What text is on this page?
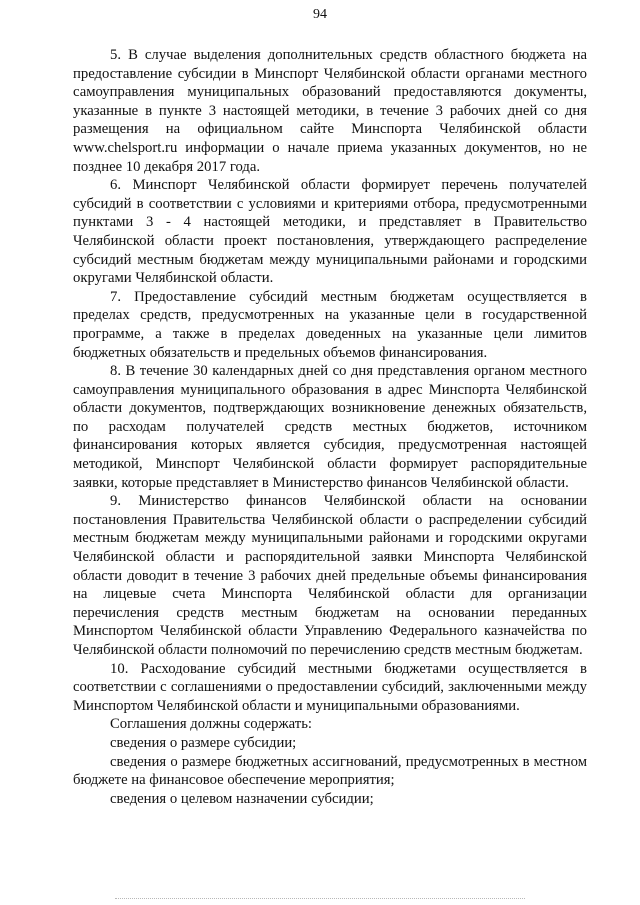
94

5. В случае выделения дополнительных средств областного бюджета на предоставление субсидии в Минспорт Челябинской области органами местного самоуправления муниципальных образований предоставляются документы, указанные в пункте 3 настоящей методики, в течение 3 рабочих дней со дня размещения на официальном сайте Минспорта Челябинской области www.chelsport.ru информации о начале приема указанных документов, но не позднее 10 декабря 2017 года.

6. Минспорт Челябинской области формирует перечень получателей субсидий в соответствии с условиями и критериями отбора, предусмотренными пунктами 3 - 4 настоящей методики, и представляет в Правительство Челябинской области проект постановления, утверждающего распределение субсидий местным бюджетам между муниципальными районами и городскими округами Челябинской области.

7. Предоставление субсидий местным бюджетам осуществляется в пределах средств, предусмотренных на указанные цели в государственной программе, а также в пределах доведенных на указанные цели лимитов бюджетных обязательств и предельных объемов финансирования.

8. В течение 30 календарных дней со дня представления органом местного самоуправления муниципального образования в адрес Минспорта Челябинской области документов, подтверждающих возникновение денежных обязательств, по расходам получателей средств местных бюджетов, источником финансирования которых является субсидия, предусмотренная настоящей методикой, Минспорт Челябинской области формирует распорядительные заявки, которые представляет в Министерство финансов Челябинской области.

9. Министерство финансов Челябинской области на основании постановления Правительства Челябинской области о распределении субсидий местным бюджетам между муниципальными районами и городскими округами Челябинской области и распорядительной заявки Минспорта Челябинской области доводит в течение 3 рабочих дней предельные объемы финансирования на лицевые счета Минспорта Челябинской области для организации перечисления средств местным бюджетам на основании переданных Минспортом Челябинской области Управлению Федерального казначейства по Челябинской области полномочий по перечислению средств местным бюджетам.

10. Расходование субсидий местными бюджетами осуществляется в соответствии с соглашениями о предоставлении субсидий, заключенными между Минспортом Челябинской области и муниципальными образованиями.

Соглашения должны содержать:

сведения о размере субсидии;

сведения о размере бюджетных ассигнований, предусмотренных в местном бюджете на финансовое обеспечение мероприятия;

сведения о целевом назначении субсидии;
